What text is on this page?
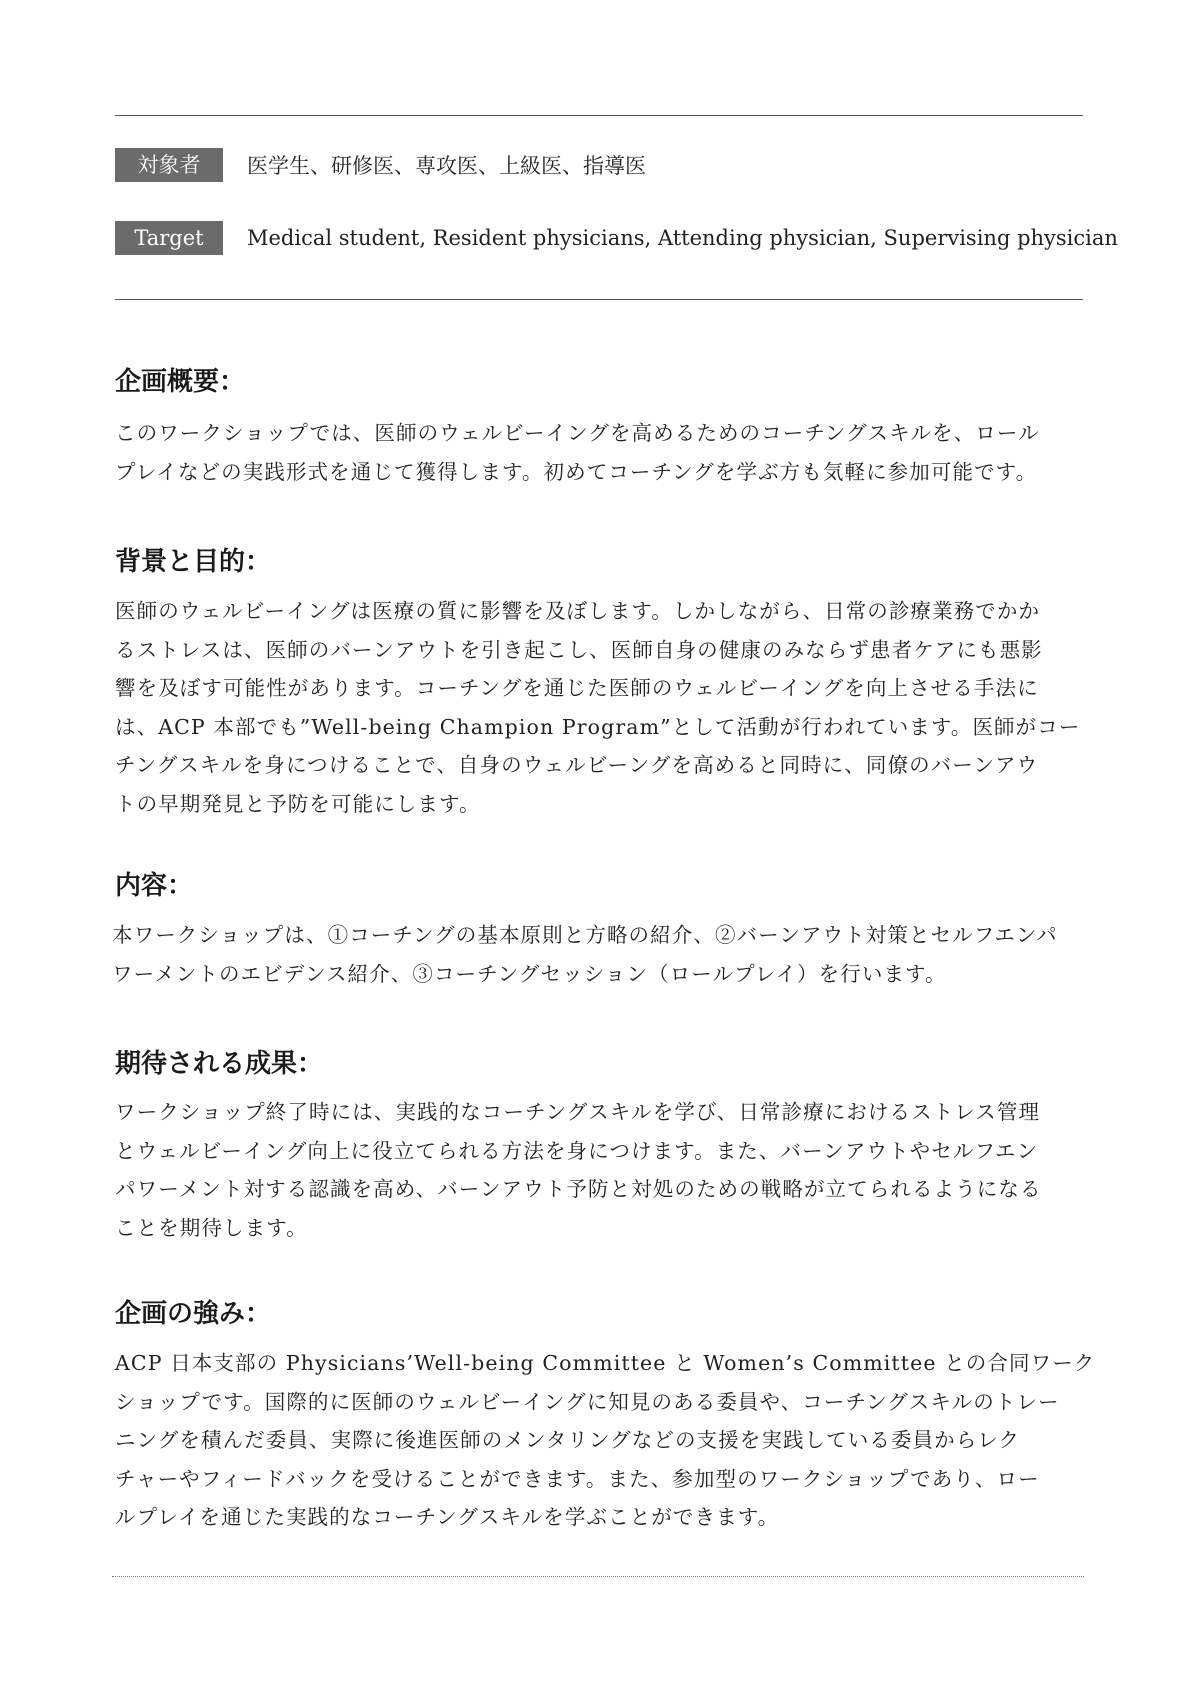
対象者	医学生、研修医、専攻医、上級医、指導医
Target	Medical student, Resident physicians, Attending physician, Supervising physician
企画概要：

このワークショップでは、医師のウェルビーイングを高めるためのコーチングスキルを、ロール
プレイなどの実践形式を通じて獲得します。初めてコーチングを学ぶ方も気軽に参加可能です。

背景と目的：

医師のウェルビーイングは医療の質に影響を及ぼします。しかしながら、日常の診療業務でかか
るストレスは、医師のバーンアウトを引き起こし、医師自身の健康のみならず患者ケアにも悪影
響を及ぼす可能性があります。コーチングを通じた医師のウェルビーイングを向上させる手法に
は、ACP 本部でも”Well-being Champion Program”として活動が行われています。医師がコー
チングスキルを身につけることで、自身のウェルビーングを高めると同時に、同僚のバーンアウ
トの早期発見と予防を可能にします。

内容：

本ワークショップは、①コーチングの基本原則と方略の紹介、②バーンアウト対策とセルフエンパ
ワーメントのエビデンス紹介、③コーチングセッション（ロールプレイ）を行います。

期待される成果：

ワークショップ終了時には、実践的なコーチングスキルを学び、日常診療におけるストレス管理
とウェルビーイング向上に役立てられる方法を身につけます。また、バーンアウトやセルフエン
パワーメント対する認識を高め、バーンアウト予防と対処のための戦略が立てられるようになる
ことを期待します。

企画の強み：

ACP 日本支部の Physicians’Well-being Committee と Women’s Committee との合同ワーク
ショップです。国際的に医師のウェルビーイングに知見のある委員や、コーチングスキルのトレー
ニングを積んだ委員、実際に後進医師のメンタリングなどの支援を実践している委員からレク
チャーやフィードバックを受けることができます。また、参加型のワークショップであり、ロー
ルプレイを通じた実践的なコーチングスキルを学ぶことができます。
